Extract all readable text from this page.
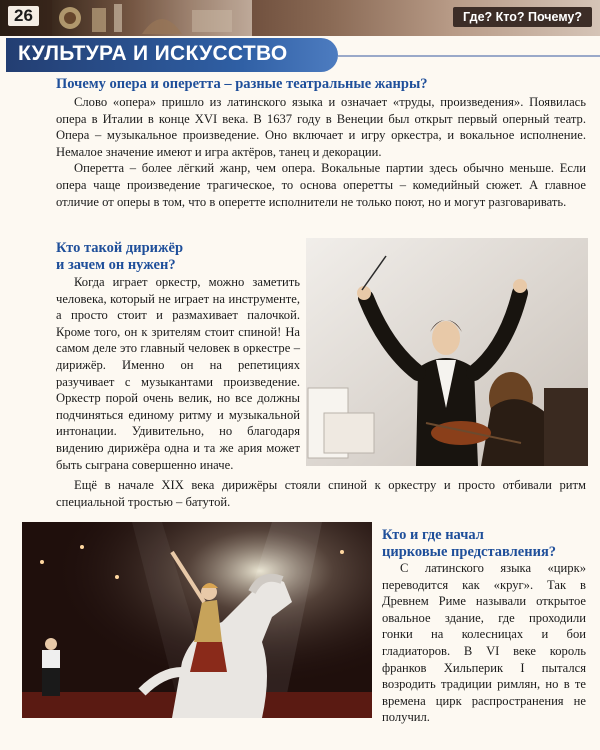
26	Где? Кто? Почему?
КУЛЬТУРА И ИСКУССТВО
Почему опера и оперетта – разные театральные жанры?

Слово «опера» пришло из латинского языка и означает «труды, произведения». Появилась опера в Италии в конце XVI века. В 1637 году в Венеции был открыт первый оперный театр. Опера – музыкальное произведение. Оно включает и игру оркестра, и вокальное исполнение. Немалое значение имеют и игра актёров, танец и декорации.

Оперетта – более лёгкий жанр, чем опера. Вокальные партии здесь обычно меньше. Если опера чаще произведение трагическое, то основа оперетты – комедийный сюжет. А главное отличие от оперы в том, что в оперетте исполнители не только поют, но и могут разговаривать.

Кто такой дирижёр
и зачем он нужен?

Когда играет оркестр, можно заметить человека, который не играет на инструменте, а просто стоит и размахивает палочкой. Кроме того, он к зрителям стоит спиной! На самом деле это главный человек в оркестре – дирижёр. Именно он на репетициях разучивает с музыкантами произведение. Оркестр порой очень велик, но все должны подчиняться единому ритму и музыкальной интонации. Удивительно, но благодаря видению дирижёра одна и та же ария может быть сыграна совершенно иначе.

Ещё в начале XIX века дирижёры стояли спиной к оркестру и просто отбивали ритм специальной тростью – батутой.

Кто и где начал
цирковые представления?

С латинского языка «цирк» переводится как «круг». Так в Древнем Риме называли открытое овальное здание, где проходили гонки на колесницах и бои гладиаторов. В VI веке король франков Хильперик I пытался возродить традиции римлян, но в те времена цирк распространения не получил.
